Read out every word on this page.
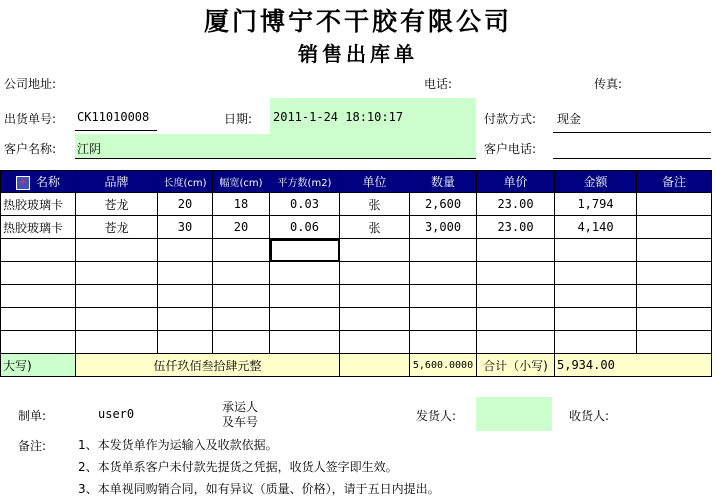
厦门博宁不干胶有限公司
销售出库单
公司地址:	电话:	传真:
出货单号: CK11010008	日期: 2011-1-24 18:10:17	付款方式: 现金
客户名称: 江阴	客户电话:
+ 名称	品牌	长度(cm)	幅宽(cm)	平方数(m2)	单位	数量	单价	金额	备注
热胶玻璃卡	苍龙	20	18	0.03	张	2,600	23.00	1,794	
热胶玻璃卡	苍龙	30	20	0.06	张	3,000	23.00	4,140	

大写)	伍仟玖佰叁拾肆元整					5,600.0000	合计（小写)	5,934.00	
制单:	user0	承运人
及车号	发货人:	收货人:
备注:	1、本发货单作为运输入及收款依据。
2、本货单系客户未付款先提货之凭据，收货人签字即生效。
3、本单视同购销合同，如有异议（质量、价格），请于五日内提出。
